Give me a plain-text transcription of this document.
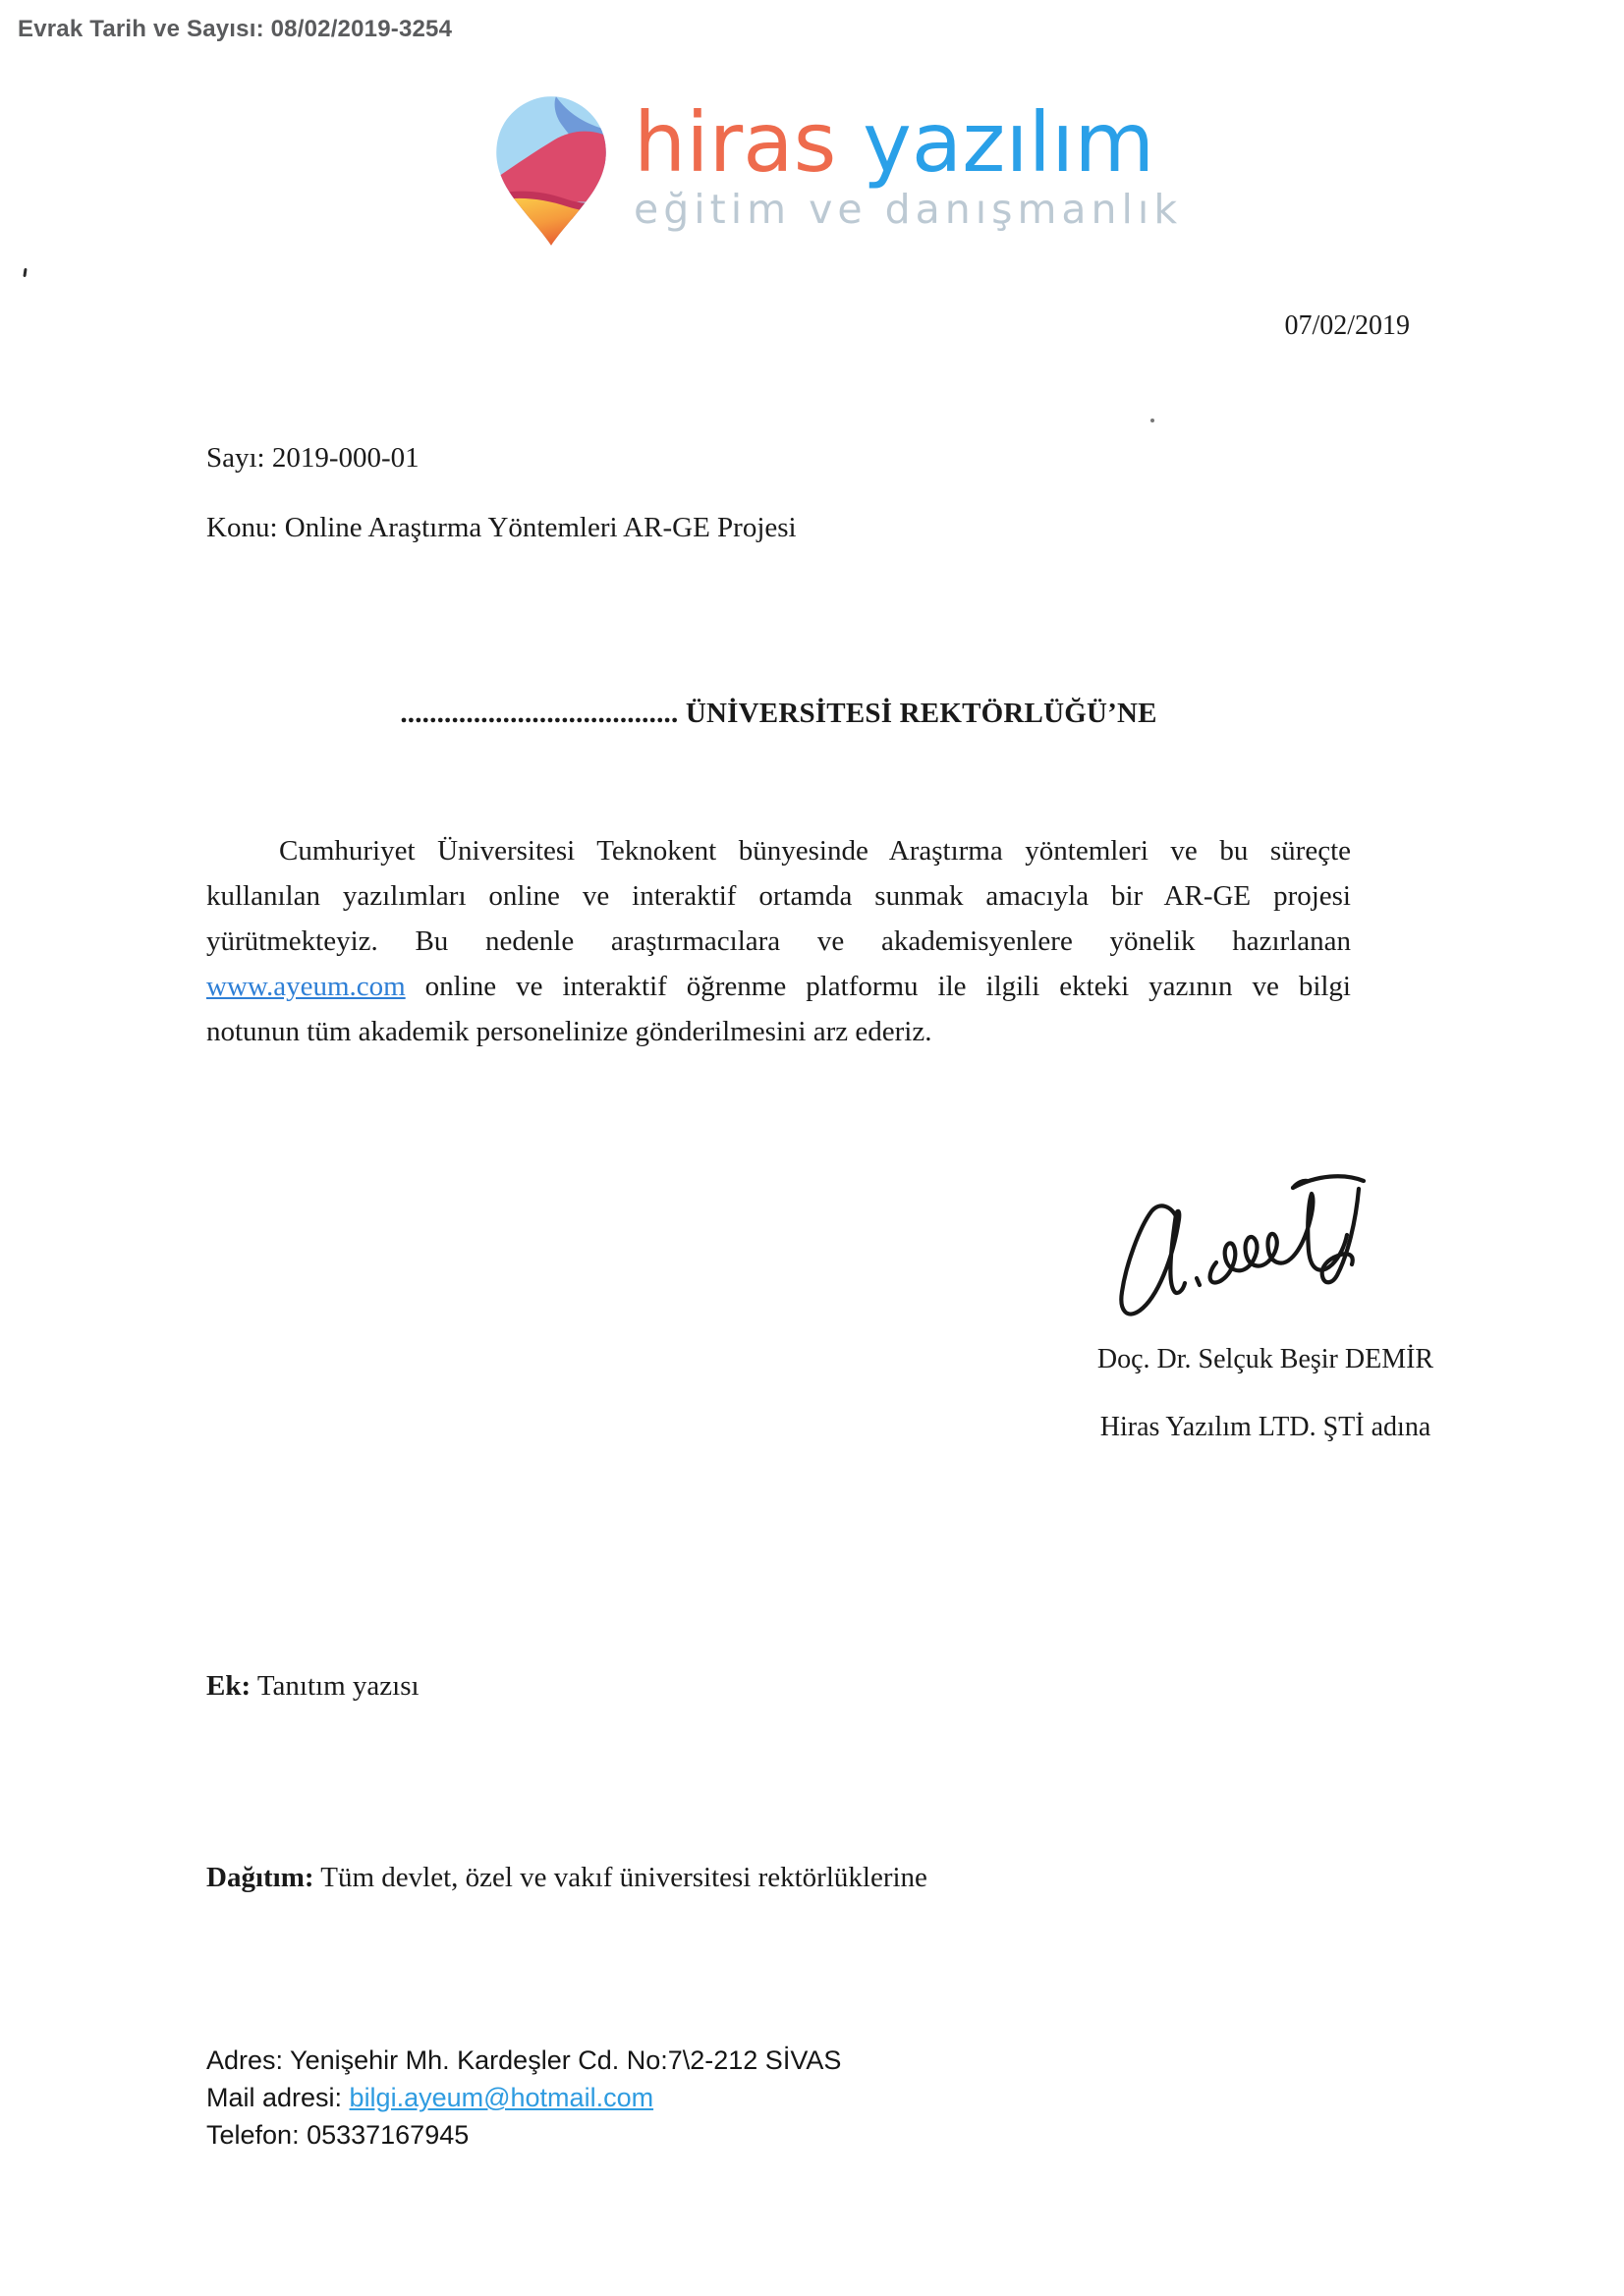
Evrak Tarih ve Sayısı: 08/02/2019-3254
hiras yazılım
eğitim ve danışmanlık
07/02/2019
Sayı: 2019-000-01
Konu: Online Araştırma Yöntemleri AR-GE Projesi
...................................... ÜNİVERSİTESİ REKTÖRLÜĞÜ’NE
Cumhuriyet Üniversitesi Teknokent bünyesinde Araştırma yöntemleri ve bu süreçte
kullanılan yazılımları online ve interaktif ortamda sunmak amacıyla bir AR-GE projesi
yürütmekteyiz. Bu nedenle araştırmacılara ve akademisyenlere yönelik hazırlanan
www.ayeum.com online ve interaktif öğrenme platformu ile ilgili ekteki yazının ve bilgi
notunun tüm akademik personelinize gönderilmesini arz ederiz.
Doç. Dr. Selçuk Beşir DEMİR
Hiras Yazılım LTD. ŞTİ adına
Ek: Tanıtım yazısı
Dağıtım: Tüm devlet, özel ve vakıf üniversitesi rektörlüklerine
Adres: Yenişehir Mh. Kardeşler Cd. No:7\2-212 SİVAS
Mail adresi: bilgi.ayeum@hotmail.com
Telefon: 05337167945
